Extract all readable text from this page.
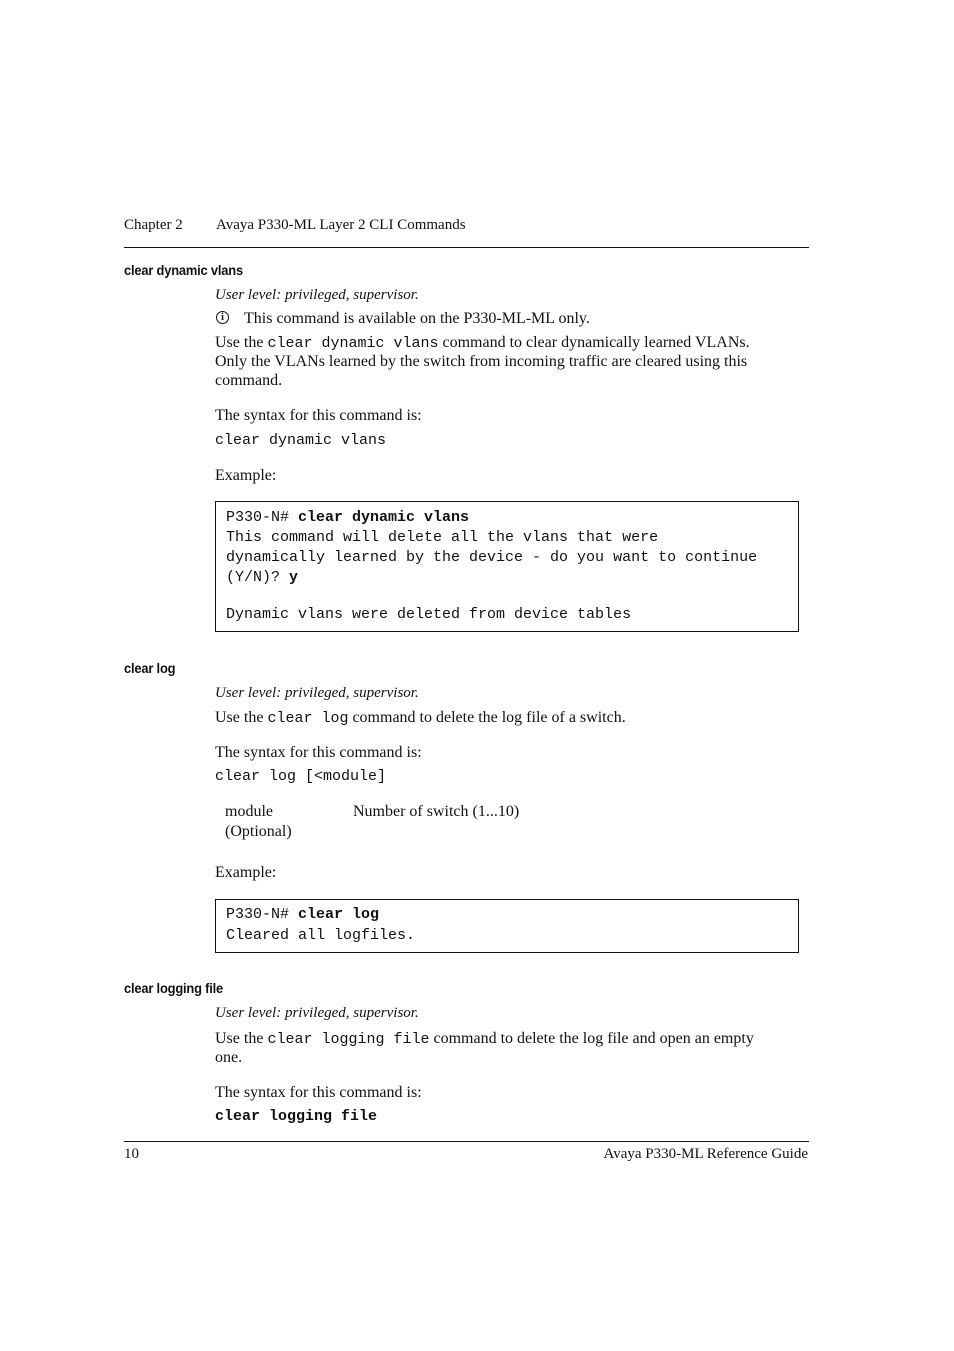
Chapter 2 Avaya P330-ML Layer 2 CLI Commands
clear dynamic vlans
User level: privileged, supervisor.
i	This command is available on the P330-ML-ML only.
Use the clear dynamic vlans command to clear dynamically learned VLANs.
Only the VLANs learned by the switch from incoming traffic are cleared using this
command.
The syntax for this command is:
clear dynamic vlans
Example:
P330-N# clear dynamic vlans
This command will delete all the vlans that were
dynamically learned by the device - do you want to continue
(Y/N)? y
Dynamic vlans were deleted from device tables
clear log
User level: privileged, supervisor.
Use the clear log command to delete the log file of a switch.
The syntax for this command is:
clear log [<module]
module
(Optional)
Number of switch (1...10)
Example:
P330-N# clear log
Cleared all logfiles.
clear logging file
User level: privileged, supervisor.
Use the clear logging file command to delete the log file and open an empty
one.
The syntax for this command is:
clear logging file
10	Avaya P330-ML Reference Guide
